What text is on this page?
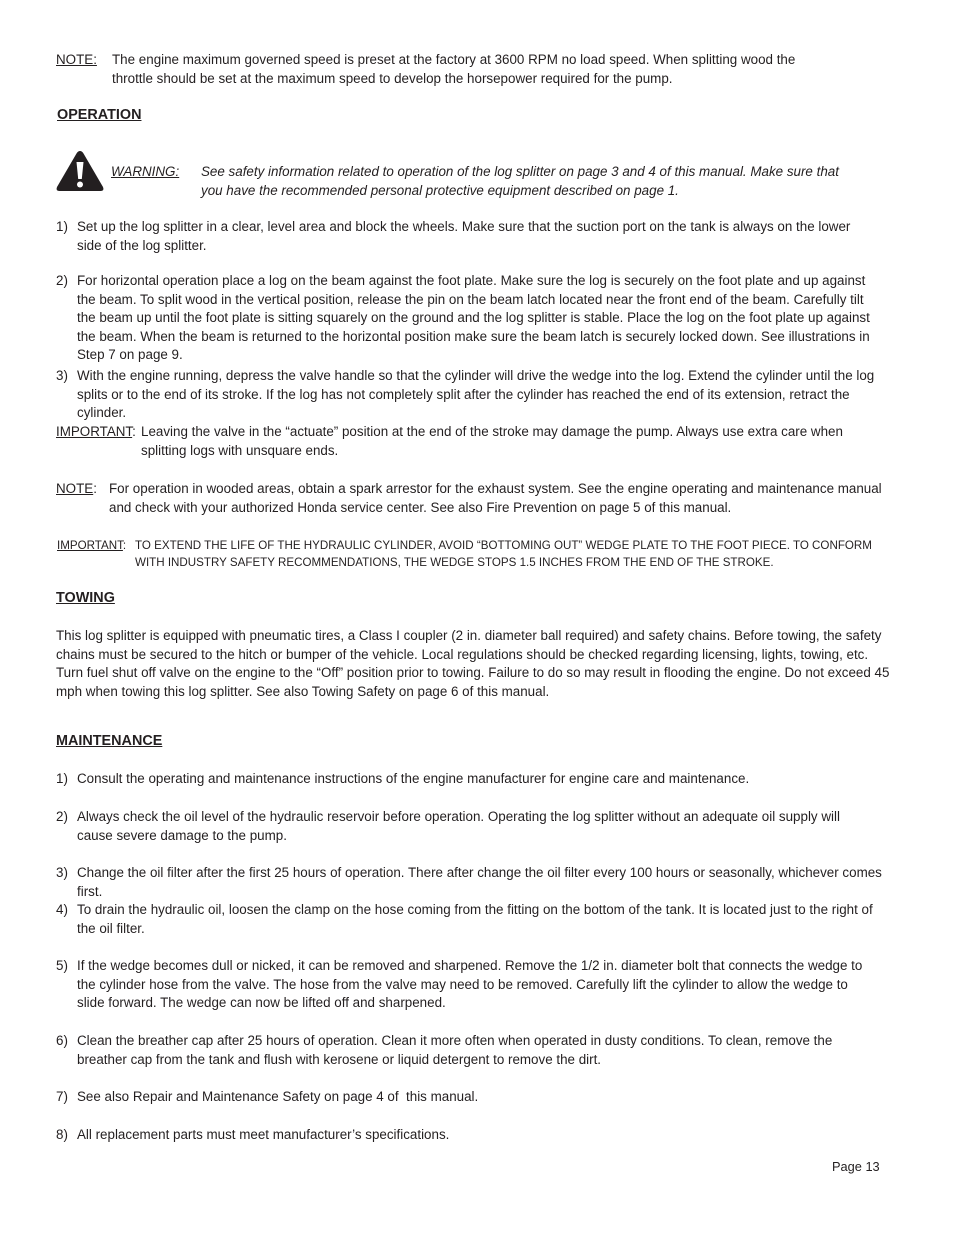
NOTE: The engine maximum governed speed is preset at the factory at 3600 RPM no load speed. When splitting wood the throttle should be set at the maximum speed to develop the horsepower required for the pump.
OPERATION
WARNING: See safety information related to operation of the log splitter on page 3 and 4 of this manual. Make sure that you have the recommended personal protective equipment described on page 1.
1) Set up the log splitter in a clear, level area and block the wheels. Make sure that the suction port on the tank is always on the lower side of the log splitter.
2) For horizontal operation place a log on the beam against the foot plate. Make sure the log is securely on the foot plate and up against the beam. To split wood in the vertical position, release the pin on the beam latch located near the front end of the beam. Carefully tilt the beam up until the foot plate is sitting squarely on the ground and the log splitter is stable. Place the log on the foot plate up against the beam. When the beam is returned to the horizontal position make sure the beam latch is securely locked down. See illustrations in Step 7 on page 9.
3) With the engine running, depress the valve handle so that the cylinder will drive the wedge into the log. Extend the cylinder until the log splits or to the end of its stroke. If the log has not completely split after the cylinder has reached the end of its extension, retract the cylinder.
IMPORTANT: Leaving the valve in the “actuate” position at the end of the stroke may damage the pump. Always use extra care when splitting logs with unsquare ends.
NOTE: For operation in wooded areas, obtain a spark arrestor for the exhaust system. See the engine operating and maintenance manual and check with your authorized Honda service center. See also Fire Prevention on page 5 of this manual.
IMPORTANT: TO EXTEND THE LIFE OF THE HYDRAULIC CYLINDER, AVOID “BOTTOMING OUT” WEDGE PLATE TO THE FOOT PIECE. TO CONFORM WITH INDUSTRY SAFETY RECOMMENDATIONS, THE WEDGE STOPS 1.5 INCHES FROM THE END OF THE STROKE.
TOWING
This log splitter is equipped with pneumatic tires, a Class I coupler (2 in. diameter ball required) and safety chains. Before towing, the safety chains must be secured to the hitch or bumper of the vehicle. Local regulations should be checked regarding licensing, lights, towing, etc. Turn fuel shut off valve on the engine to the “Off” position prior to towing. Failure to do so may result in flooding the engine. Do not exceed 45 mph when towing this log splitter. See also Towing Safety on page 6 of this manual.
MAINTENANCE
1) Consult the operating and maintenance instructions of the engine manufacturer for engine care and maintenance.
2) Always check the oil level of the hydraulic reservoir before operation. Operating the log splitter without an adequate oil supply will cause severe damage to the pump.
3) Change the oil filter after the first 25 hours of operation. There after change the oil filter every 100 hours or seasonally, whichever comes first.
4) To drain the hydraulic oil, loosen the clamp on the hose coming from the fitting on the bottom of the tank. It is located just to the right of the oil filter.
5) If the wedge becomes dull or nicked, it can be removed and sharpened. Remove the 1/2 in. diameter bolt that connects the wedge to the cylinder hose from the valve. The hose from the valve may need to be removed. Carefully lift the cylinder to allow the wedge to slide forward. The wedge can now be lifted off and sharpened.
6) Clean the breather cap after 25 hours of operation. Clean it more often when operated in dusty conditions. To clean, remove the breather cap from the tank and flush with kerosene or liquid detergent to remove the dirt.
7) See also Repair and Maintenance Safety on page 4 of  this manual.
8) All replacement parts must meet manufacturer’s specifications.
Page 13
